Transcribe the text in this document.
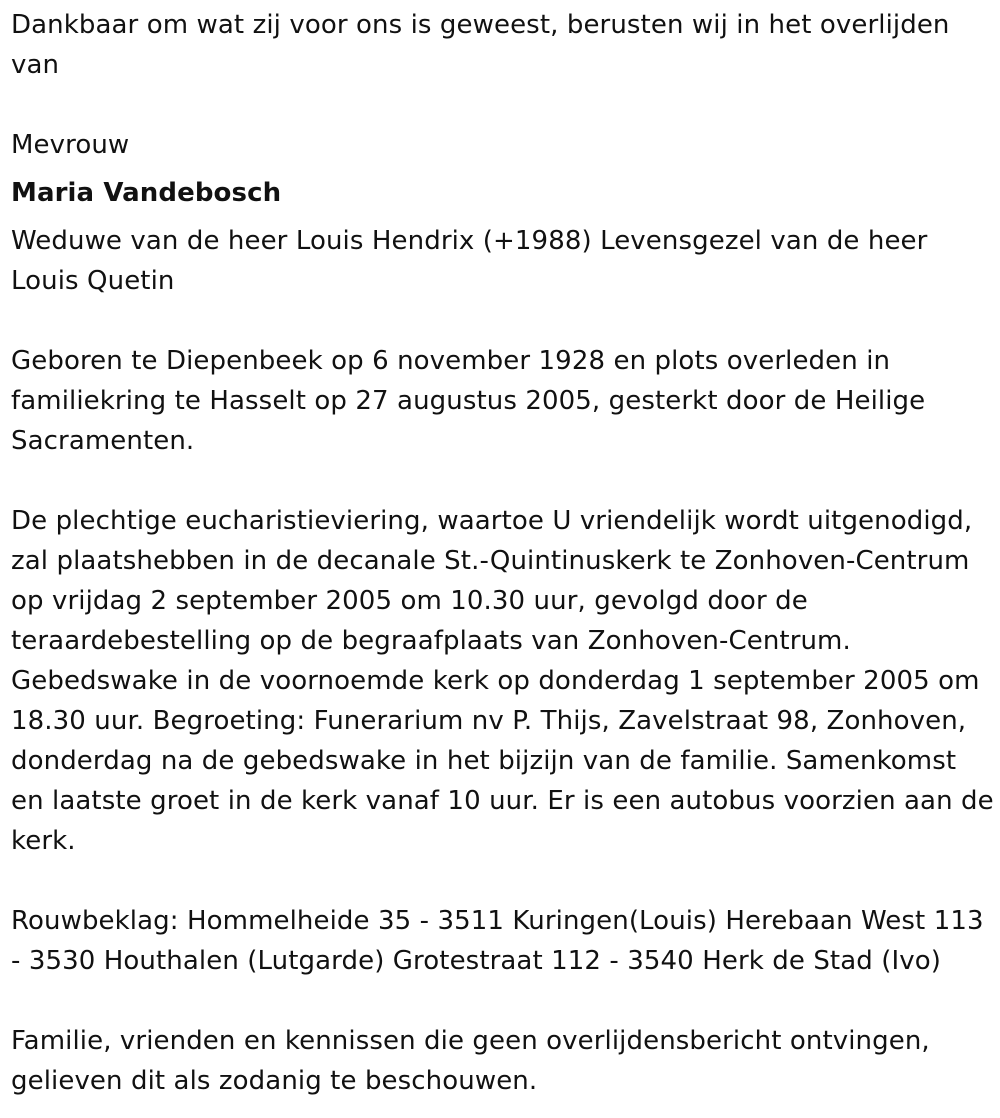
Dankbaar om wat zij voor ons is geweest, berusten wij in het overlijden van

Mevrouw

Maria Vandebosch

Weduwe van de heer Louis Hendrix (+1988) Levensgezel van de heer Louis Quetin

Geboren te Diepenbeek op 6 november 1928 en plots overleden in familiekring te Hasselt op 27 augustus 2005, gesterkt door de Heilige Sacramenten.

De plechtige eucharistieviering, waartoe U vriendelijk wordt uitgenodigd, zal plaatshebben in de decanale St.-Quintinuskerk te Zonhoven-Centrum op vrijdag 2 september 2005 om 10.30 uur, gevolgd door de teraardebestelling op de begraafplaats van Zonhoven-Centrum. Gebedswake in de voornoemde kerk op donderdag 1 september 2005 om 18.30 uur. Begroeting: Funerarium nv P. Thijs, Zavelstraat 98, Zonhoven, donderdag na de gebedswake in het bijzijn van de familie. Samenkomst en laatste groet in de kerk vanaf 10 uur. Er is een autobus voorzien aan de kerk.

Rouwbeklag: Hommelheide 35 - 3511 Kuringen(Louis) Herebaan West 113 - 3530 Houthalen (Lutgarde) Grotestraat 112 - 3540 Herk de Stad (Ivo)

Familie, vrienden en kennissen die geen overlijdensbericht ontvingen, gelieven dit als zodanig te beschouwen.
